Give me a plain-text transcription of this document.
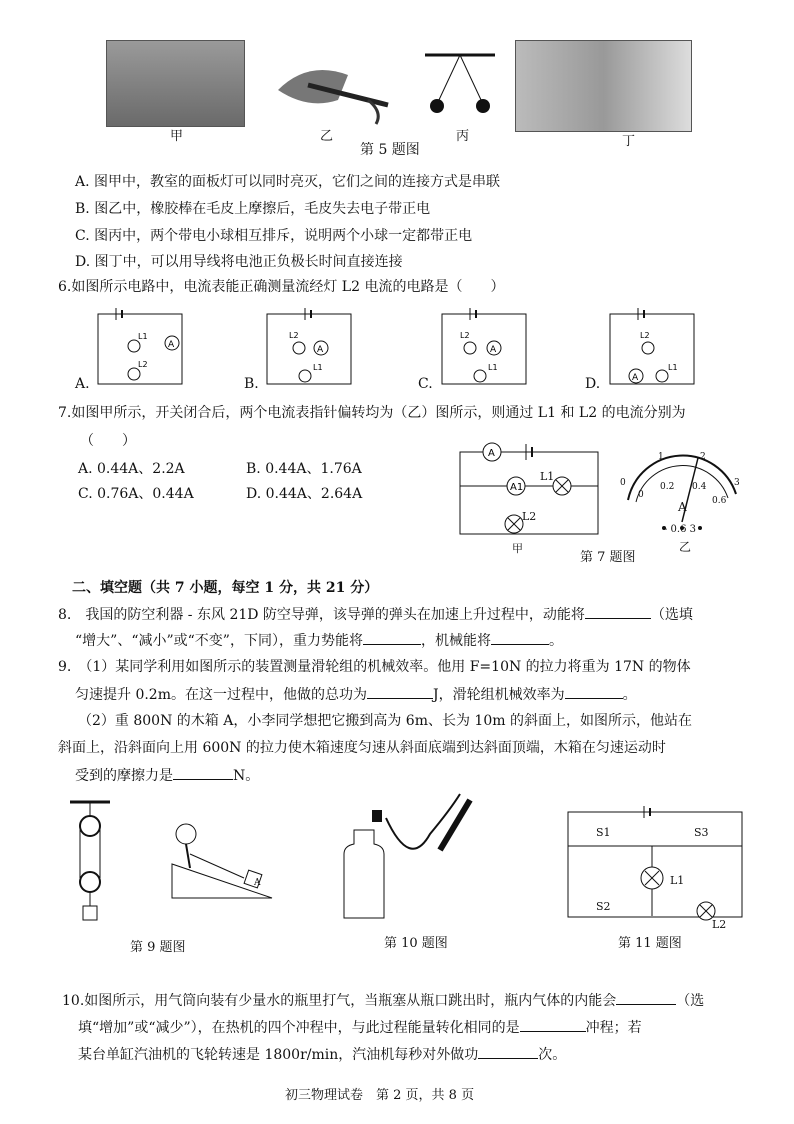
甲	乙	丙	丁
第 5 题图
A. 图甲中，教室的面板灯可以同时亮灭，它们之间的连接方式是串联
B. 图乙中，橡胶棒在毛皮上摩擦后，毛皮失去电子带正电
C. 图丙中，两个带电小球相互排斥，说明两个小球一定都带正电
D. 图丁中，可以用导线将电池正负极长时间直接连接
6.如图所示电路中，电流表能正确测量流经灯 L2 电流的电路是（　　）
A
L1
L2
L2
A
L1
L2
A
L1
L2
A
L1
A.	B.	C.	D.
7.如图甲所示，开关闭合后，两个电流表指针偏转均为（乙）图所示，则通过 L1 和 L2 的电流分别为
（　　）
A. 0.44A、2.2A	B. 0.44A、1.76A
C. 0.76A、0.44A	D. 0.44A、2.64A
A
A1
L1
L2
甲
0
1	2
3
0
0.2 0.4
0.6
A
- 0.6 3
乙
第 7 题图
二、填空题（共 7 小题，每空 1 分，共 21 分）
8.　我国的防空利器 - 东风 21D 防空导弹，该导弹的弹头在加速上升过程中，动能将	（选填
“增大”、“减小”或“不变”，下同），重力势能将	，机械能将	。
9.　（1）某同学利用如图所示的装置测量滑轮组的机械效率。他用 F=10N 的拉力将重为 17N 的物体
匀速提升 0.2m。在这一过程中，他做的总功为	J，滑轮组机械效率为	。
（2）重 800N 的木箱 A，小李同学想把它搬到高为 6m、长为 10m 的斜面上，如图所示，他站在
斜面上，沿斜面向上用 600N 的拉力使木箱速度匀速从斜面底端到达斜面顶端，木箱在匀速运动时
受到的摩擦力是	N。
A
第 9 题图	第 10 题图
S1	S3
S2
L1
L2
第 11 题图
10.如图所示，用气筒向装有少量水的瓶里打气，当瓶塞从瓶口跳出时，瓶内气体的内能会	（选
填“增加”或“减少”），在热机的四个冲程中，与此过程能量转化相同的是	冲程；若
某台单缸汽油机的飞轮转速是 1800r/min，汽油机每秒对外做功	次。
初三物理试卷　第 2 页，共 8 页
